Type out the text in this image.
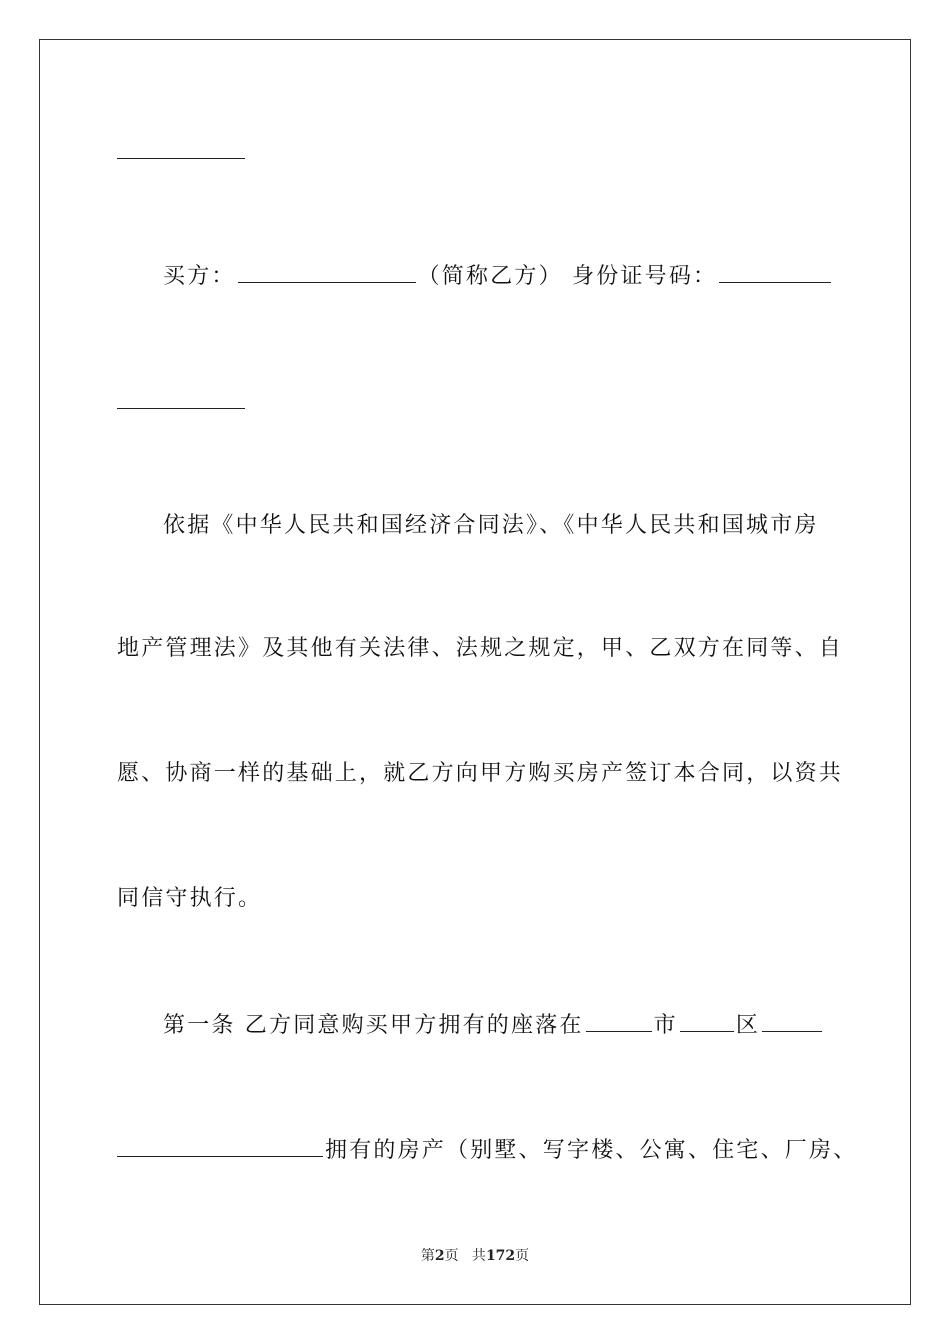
买方：	（简称乙方） 身份证号码：
依据《中华人民共和国经济合同法》、《中华人民共和国城市房
地产管理法》及其他有关法律、法规之规定，甲、乙双方在同等、自
愿、协商一样的基础上，就乙方向甲方购买房产签订本合同，以资共
同信守执行。
第一条 乙方同意购买甲方拥有的座落在	市	区
拥有的房产（别墅、写字楼、公寓、住宅、厂房、
第2页   共172页
